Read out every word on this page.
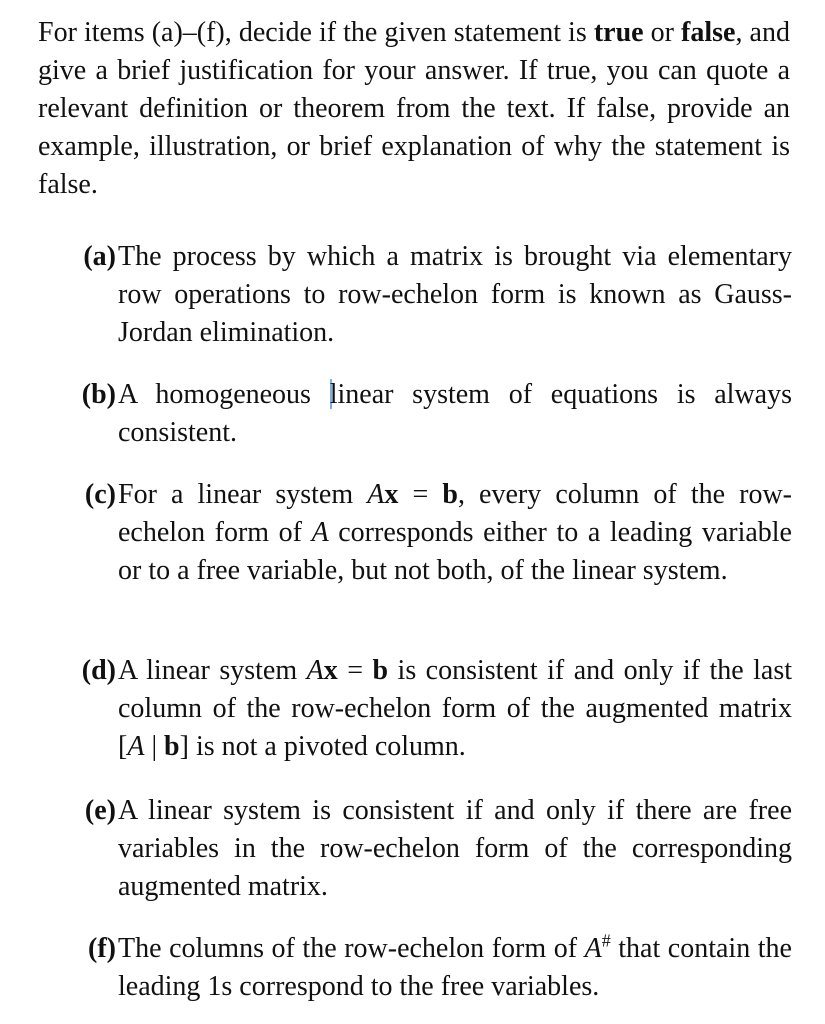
For items (a)–(f), decide if the given statement is true or false, and give a brief justification for your answer. If true, you can quote a relevant definition or theorem from the text. If false, provide an example, illustration, or brief explanation of why the statement is false.

(a) The process by which a matrix is brought via elementary row operations to row-echelon form is known as Gauss-Jordan elimination.
(b) A homogeneous linear system of equations is always consistent.
(c) For a linear system Ax = b, every column of the row-echelon form of A corresponds either to a leading variable or to a free variable, but not both, of the linear system.
(d) A linear system Ax = b is consistent if and only if the last column of the row-echelon form of the augmented matrix [A | b] is not a pivoted column.
(e) A linear system is consistent if and only if there are free variables in the row-echelon form of the corresponding augmented matrix.
(f) The columns of the row-echelon form of A# that contain the leading 1s correspond to the free variables.
